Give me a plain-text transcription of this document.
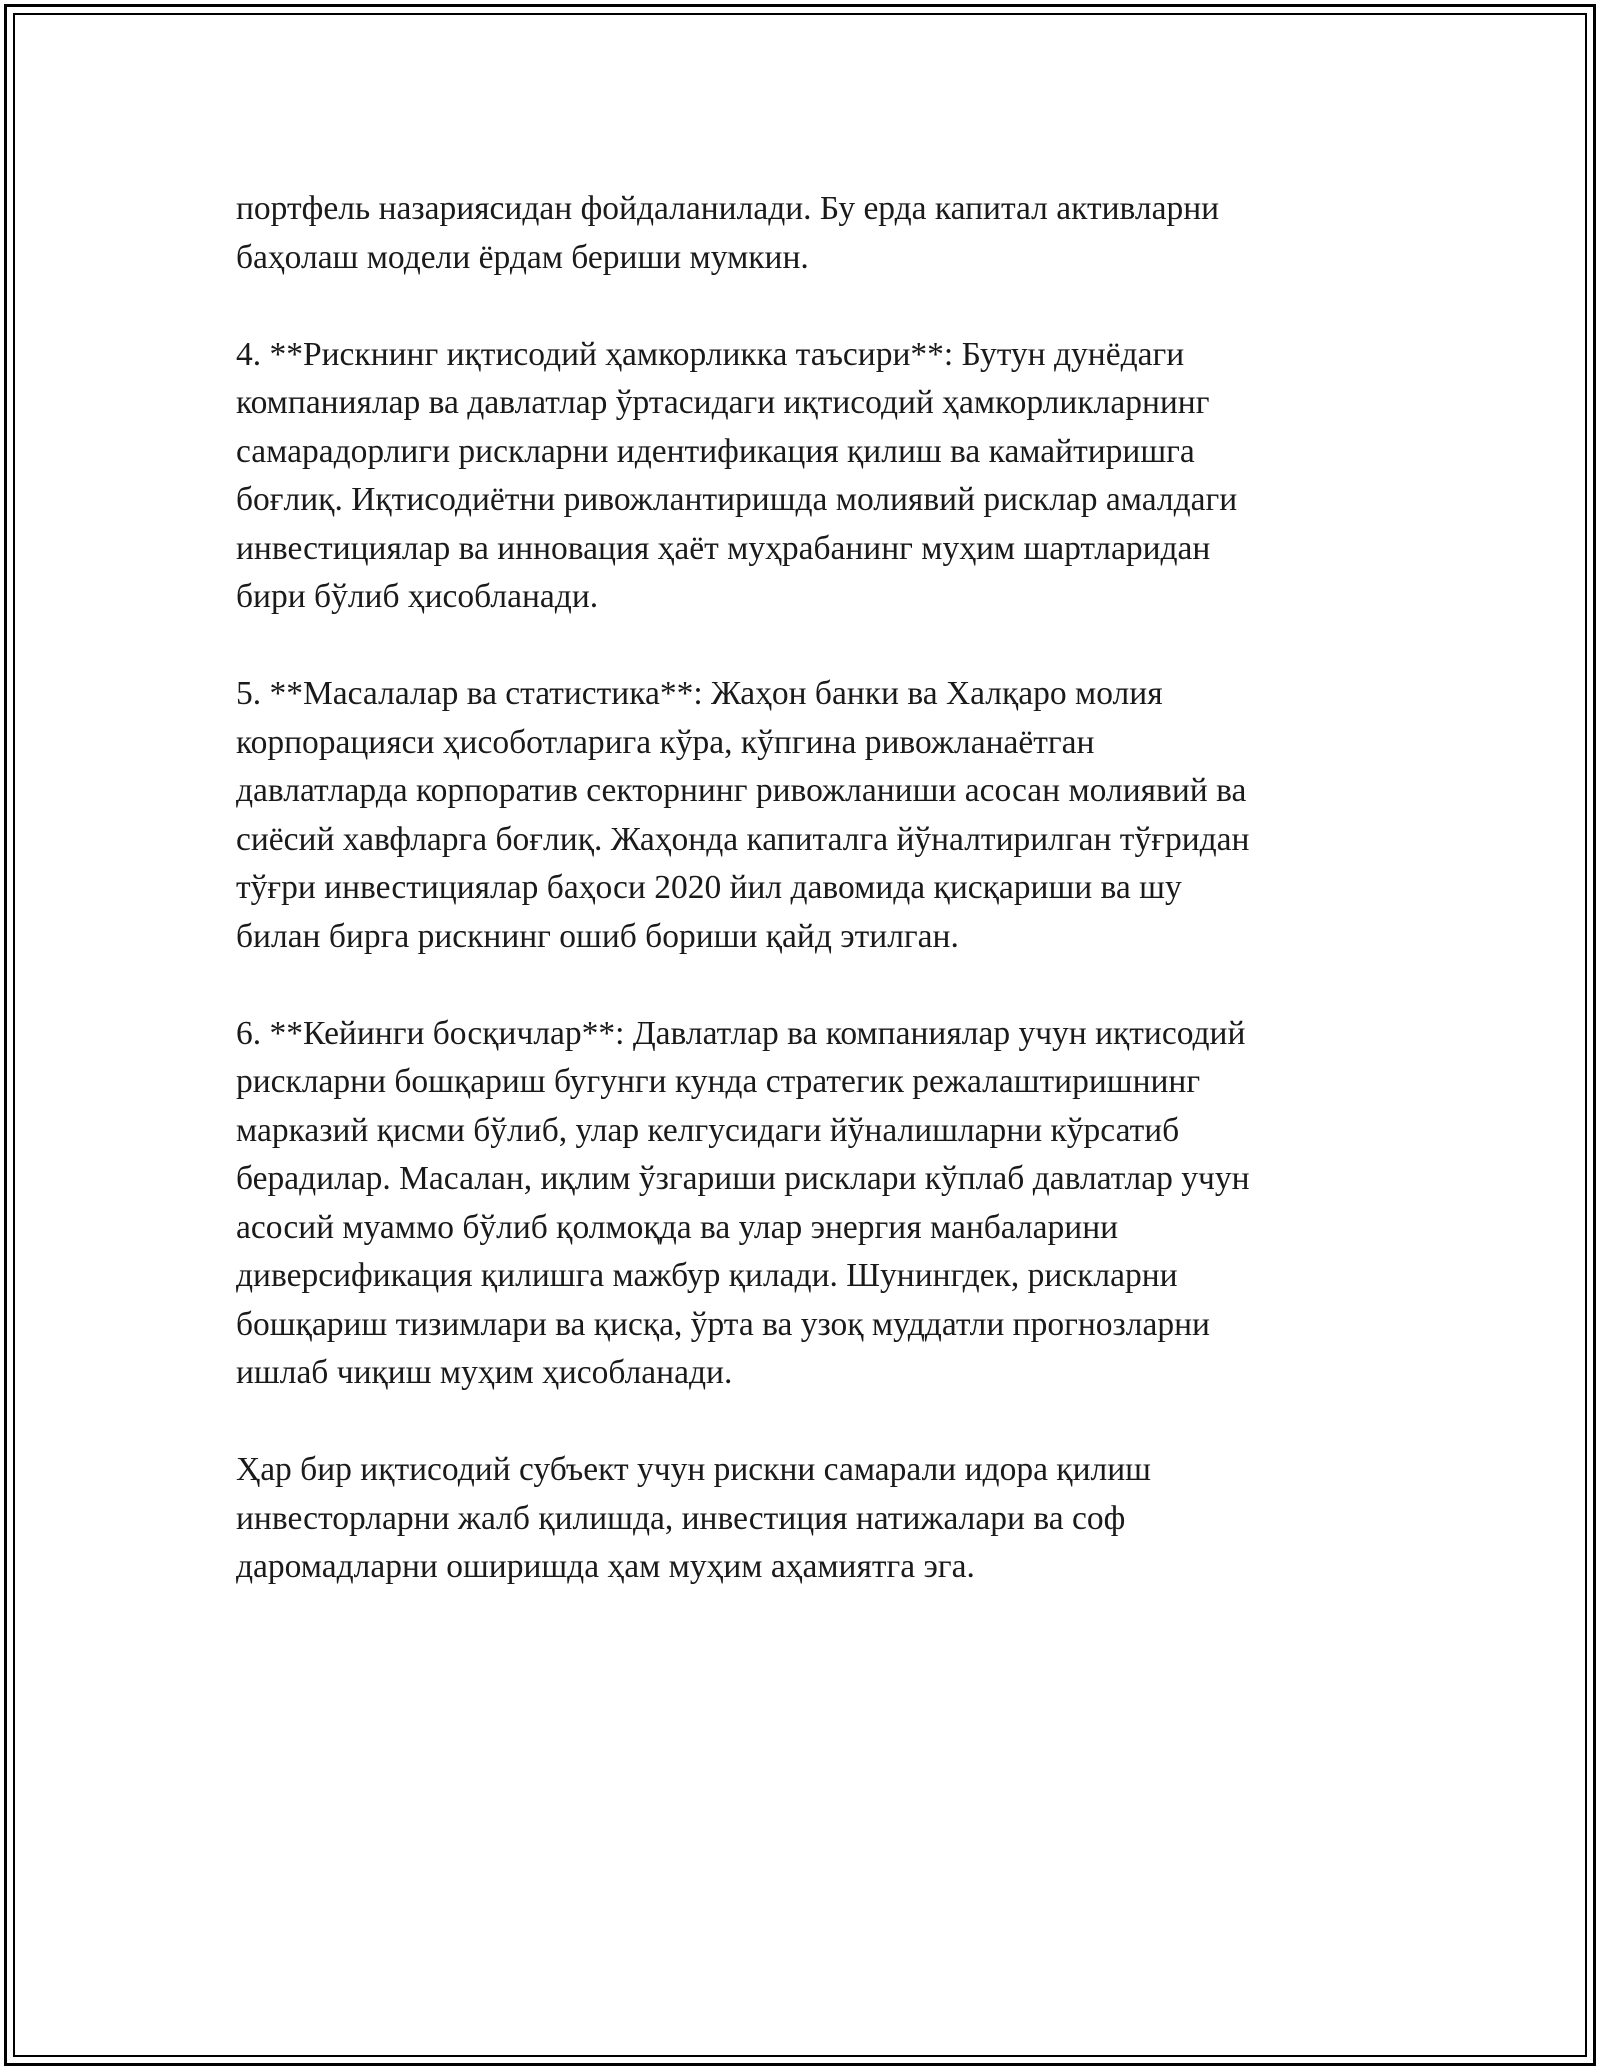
портфель назариясидан фойдаланилади. Бу ерда капитал активларни
баҳолаш модели ёрдам бериши мумкин.

4. **Рискнинг иқтисодий ҳамкорликка таъсири**: Бутун дунёдаги
компаниялар ва давлатлар ўртасидаги иқтисодий ҳамкорликларнинг
самарадорлиги рискларни идентификация қилиш ва камайтиришга
боғлиқ. Иқтисодиётни ривожлантиришда молиявий рисклар амалдаги
инвестициялар ва инновация ҳаёт муҳрабанинг муҳим шартларидан
бири бўлиб ҳисобланади.

5. **Масалалар ва статистика**: Жаҳон банки ва Халқаро молия
корпорацияси ҳисоботларига кўра, кўпгина ривожланаётган
давлатларда корпоратив секторнинг ривожланиши асосан молиявий ва
сиёсий хавфларга боғлиқ. Жаҳонда капиталга йўналтирилган тўғридан
тўғри инвестициялар баҳоси 2020 йил давомида қисқариши ва шу
билан бирга рискнинг ошиб бориши қайд этилган.

6. **Кейинги босқичлар**: Давлатлар ва компаниялар учун иқтисодий
рискларни бошқариш бугунги кунда стратегик режалаштиришнинг
марказий қисми бўлиб, улар келгусидаги йўналишларни кўрсатиб
берадилар. Масалан, иқлим ўзгариши рисклари кўплаб давлатлар учун
асосий муаммо бўлиб қолмоқда ва улар энергия манбаларини
диверсификация қилишга мажбур қилади. Шунингдек, рискларни
бошқариш тизимлари ва қисқа, ўрта ва узоқ муддатли прогнозларни
ишлаб чиқиш муҳим ҳисобланади.

Ҳар бир иқтисодий субъект учун рискни самарали идора қилиш
инвесторларни жалб қилишда, инвестиция натижалари ва соф
даромадларни оширишда ҳам муҳим аҳамиятга эга.
